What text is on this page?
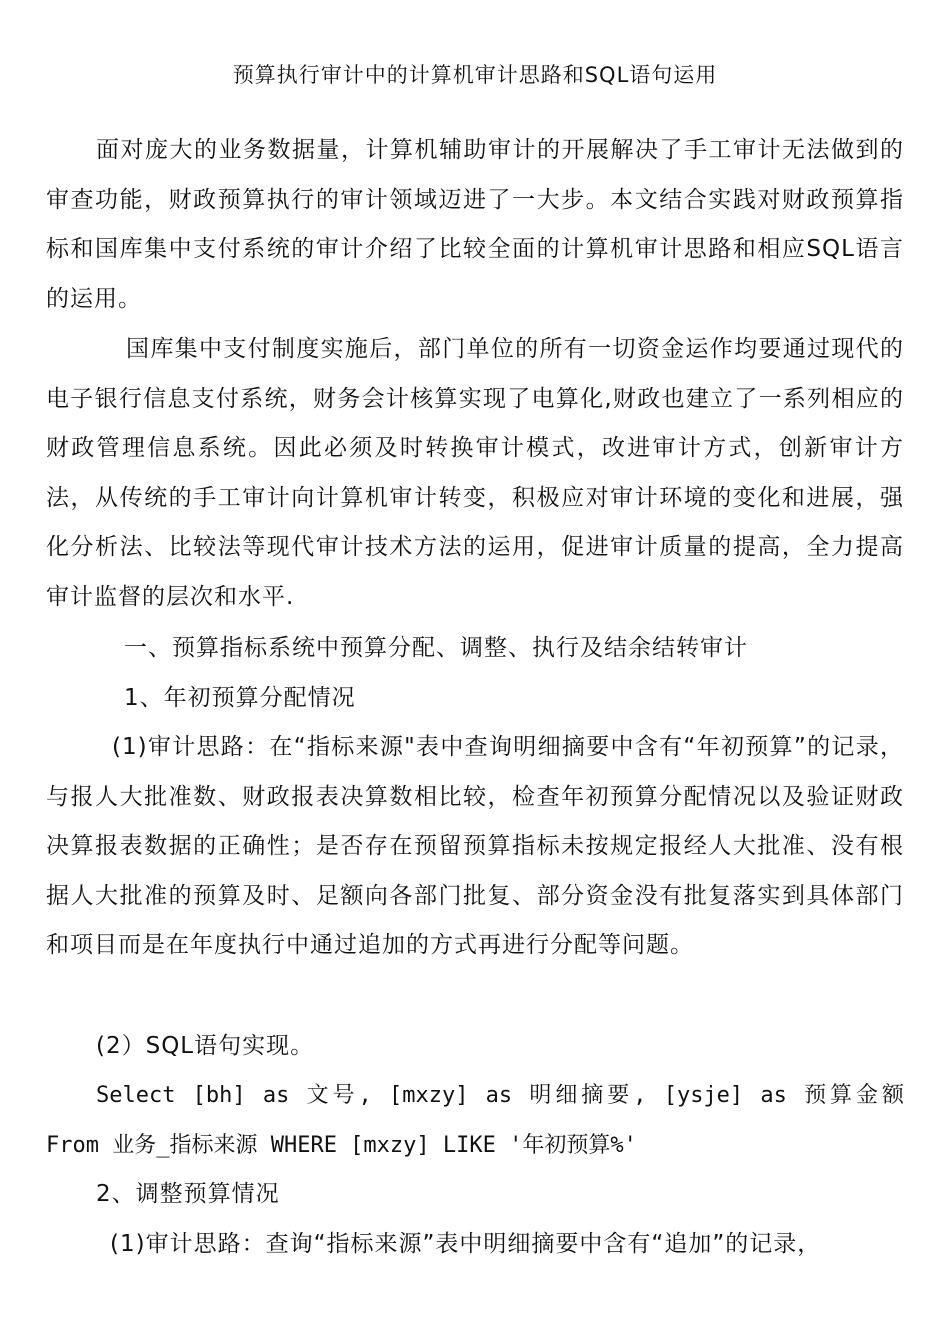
预算执行审计中的计算机审计思路和SQL语句运用
面对庞大的业务数据量，计算机辅助审计的开展解决了手工审计无法做到的审查功能，财政预算执行的审计领域迈进了一大步。本文结合实践对财政预算指标和国库集中支付系统的审计介绍了比较全面的计算机审计思路和相应SQL语言的运用。
国库集中支付制度实施后，部门单位的所有一切资金运作均要通过现代的电子银行信息支付系统，财务会计核算实现了电算化,财政也建立了一系列相应的财政管理信息系统。因此必须及时转换审计模式，改进审计方式，创新审计方法，从传统的手工审计向计算机审计转变，积极应对审计环境的变化和进展，强化分析法、比较法等现代审计技术方法的运用，促进审计质量的提高，全力提高审计监督的层次和水平.
一、预算指标系统中预算分配、调整、执行及结余结转审计
1、年初预算分配情况
(1)审计思路：在“指标来源"表中查询明细摘要中含有“年初预算”的记录，与报人大批准数、财政报表决算数相比较，检查年初预算分配情况以及验证财政决算报表数据的正确性；是否存在预留预算指标未按规定报经人大批准、没有根据人大批准的预算及时、足额向各部门批复、部分资金没有批复落实到具体部门和项目而是在年度执行中通过追加的方式再进行分配等问题。
(2）SQL语句实现。
Select [bh] as 文号, [mxzy] as 明细摘要, [ysje] as 预算金额
From 业务_指标来源 WHERE [mxzy] LIKE '年初预算%'
2、调整预算情况
(1)审计思路：查询“指标来源”表中明细摘要中含有“追加”的记录，
